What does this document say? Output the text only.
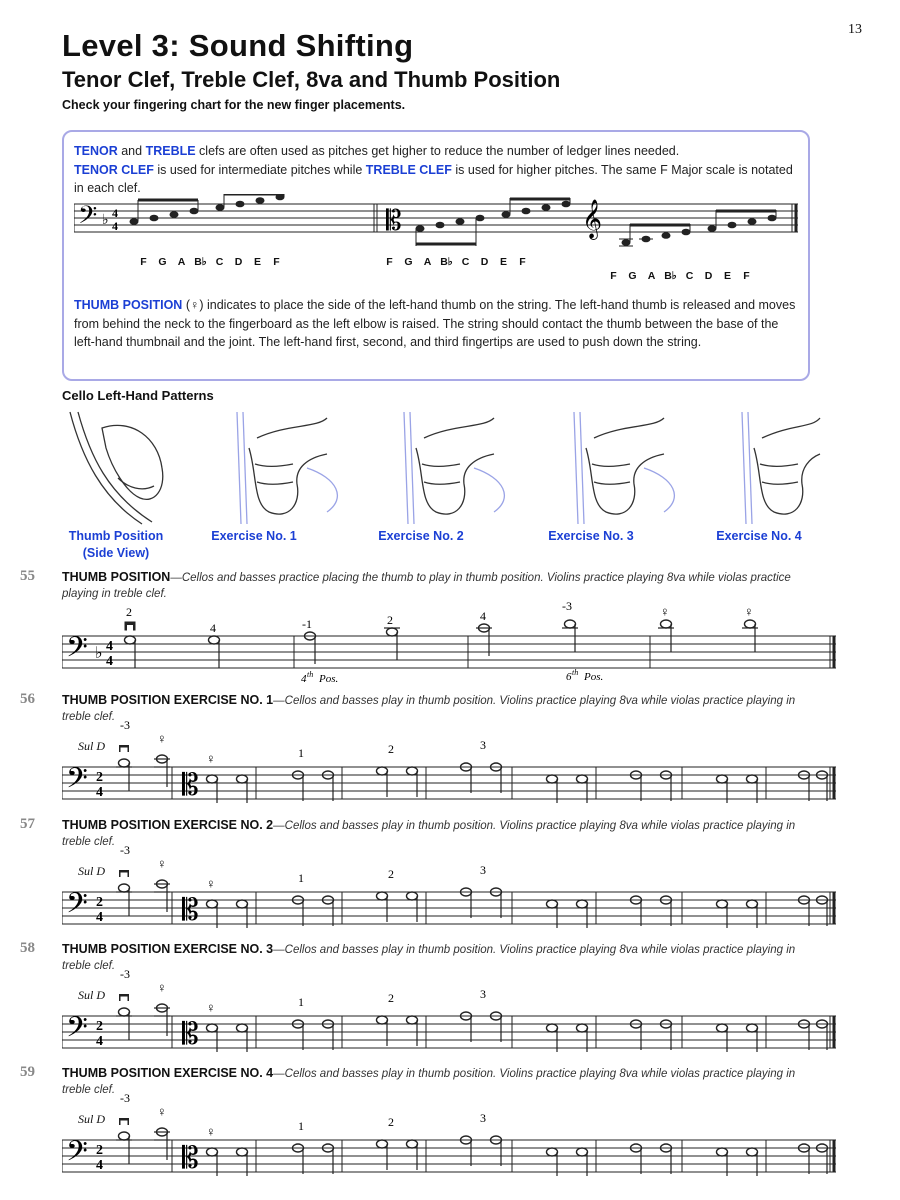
13
Level 3: Sound Shifting
Tenor Clef, Treble Clef, 8va and Thumb Position
Check your fingering chart for the new finger placements.
TENOR and TREBLE clefs are often used as pitches get higher to reduce the number of ledger lines needed.
TENOR CLEF is used for intermediate pitches while TREBLE CLEF is used for higher pitches. The same F Major scale is notated in each clef.
𝄢 ♭ 4
4	𝄡	𝄞
F G A B♭ C D E F	F G A B♭ C D E F
F G A B♭ C D E F
THUMB POSITION (♀) indicates to place the side of the left-hand thumb on the string. The left-hand thumb is released and moves from behind the neck to the fingerboard as the left elbow is raised. The string should contact the thumb between the base of the left-hand thumbnail and the joint. The left-hand first, second, and third fingertips are used to push down the string.
Cello Left-Hand Patterns
Thumb Position
(Side View)
Exercise No. 1	Exercise No. 2	Exercise No. 3	Exercise No. 4
55 THUMB POSITION—Cellos and basses practice placing the thumb to play in thumb position. Violins practice playing 8va while violas practice playing in treble clef.
𝄢 ♭ 4
4
2
4	-1	2	4
-3	♀	♀
4 th Pos.	6 th Pos.
56 THUMB POSITION EXERCISE NO. 1—Cellos and basses play in thumb position. Violins practice playing 8va while violas practice playing in treble clef.
Sul D
𝄢 2
4	𝄡
-3
♀
♀	1	2	3
57 THUMB POSITION EXERCISE NO. 2—Cellos and basses play in thumb position. Violins practice playing 8va while violas practice playing in treble clef.
Sul D
𝄢 2
4	𝄡
-3
♀
♀	1	2	3
58 THUMB POSITION EXERCISE NO. 3—Cellos and basses play in thumb position. Violins practice playing 8va while violas practice playing in treble clef.
Sul D
𝄢 2
4	𝄡
-3
♀
♀	1	2	3
59 THUMB POSITION EXERCISE NO. 4—Cellos and basses play in thumb position. Violins practice playing 8va while violas practice playing in treble clef.
Sul D
𝄢 2
4	𝄡
-3
♀
♀	1	2	3
